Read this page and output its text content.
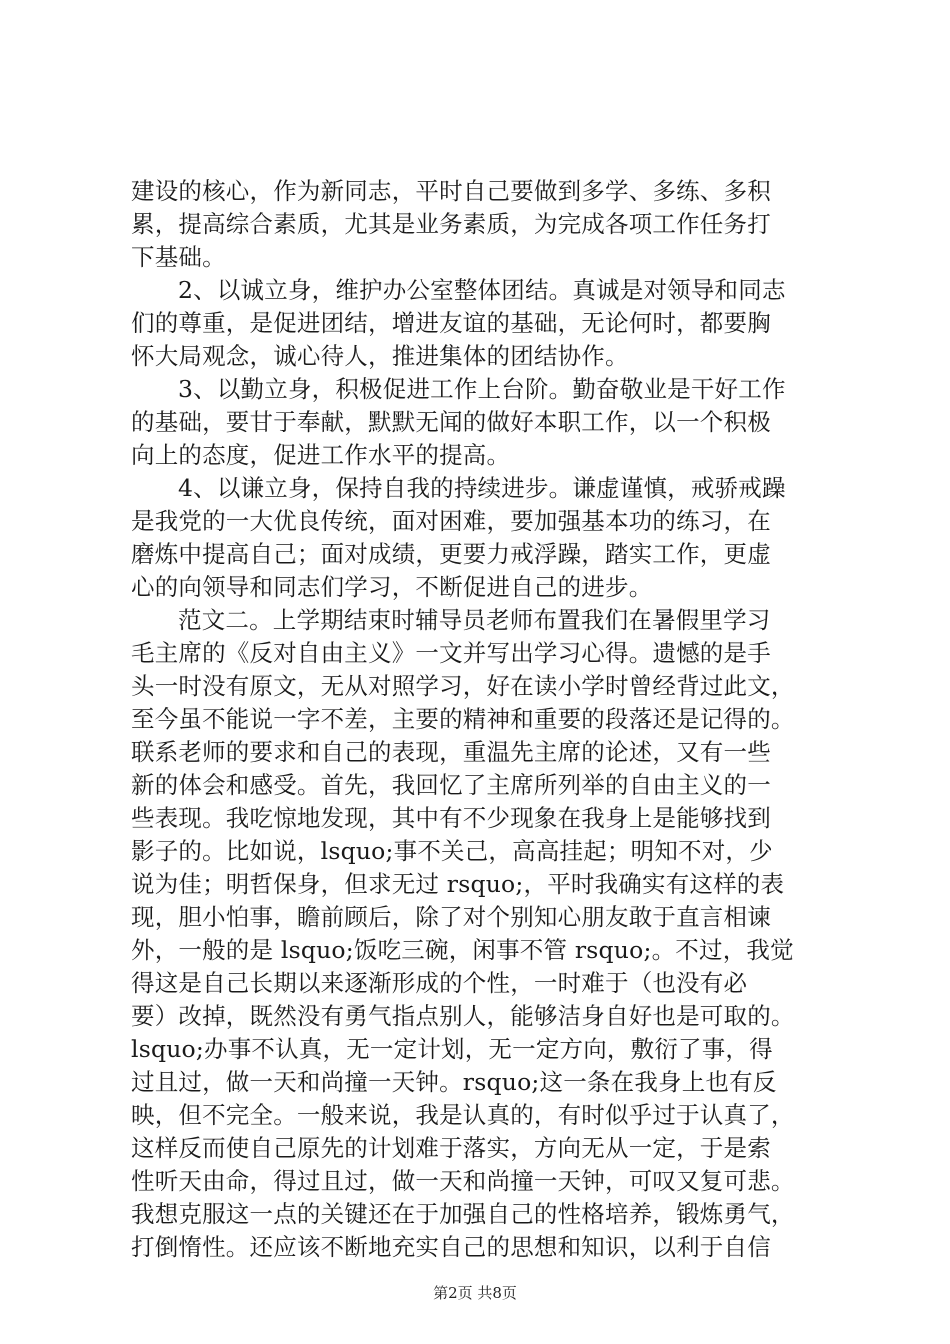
建设的核心，作为新同志，平时自己要做到多学、多练、多积
累，提高综合素质，尤其是业务素质，为完成各项工作任务打
下基础。
2、以诚立身，维护办公室整体团结。真诚是对领导和同志
们的尊重，是促进团结，增进友谊的基础，无论何时，都要胸
怀大局观念，诚心待人，推进集体的团结协作。
3、以勤立身，积极促进工作上台阶。勤奋敬业是干好工作
的基础，要甘于奉献，默默无闻的做好本职工作，以一个积极
向上的态度，促进工作水平的提高。
4、以谦立身，保持自我的持续进步。谦虚谨慎，戒骄戒躁
是我党的一大优良传统，面对困难，要加强基本功的练习，在
磨炼中提高自己；面对成绩，更要力戒浮躁，踏实工作，更虚
心的向领导和同志们学习，不断促进自己的进步。
范文二。上学期结束时辅导员老师布置我们在暑假里学习
毛主席的《反对自由主义》一文并写出学习心得。遗憾的是手
头一时没有原文，无从对照学习，好在读小学时曾经背过此文，
至今虽不能说一字不差，主要的精神和重要的段落还是记得的。
联系老师的要求和自己的表现，重温先主席的论述，又有一些
新的体会和感受。首先，我回忆了主席所列举的自由主义的一
些表现。我吃惊地发现，其中有不少现象在我身上是能够找到
影子的。比如说，lsquo;事不关己，高高挂起；明知不对，少
说为佳；明哲保身，但求无过 rsquo;，平时我确实有这样的表
现，胆小怕事，瞻前顾后，除了对个别知心朋友敢于直言相谏
外，一般的是 lsquo;饭吃三碗，闲事不管 rsquo;。不过，我觉
得这是自己长期以来逐渐形成的个性，一时难于（也没有必
要）改掉，既然没有勇气指点别人，能够洁身自好也是可取的。
lsquo;办事不认真，无一定计划，无一定方向，敷衍了事，得
过且过，做一天和尚撞一天钟。rsquo;这一条在我身上也有反
映，但不完全。一般来说，我是认真的，有时似乎过于认真了，
这样反而使自己原先的计划难于落实，方向无从一定，于是索
性听天由命，得过且过，做一天和尚撞一天钟，可叹又复可悲。
我想克服这一点的关键还在于加强自己的性格培养，锻炼勇气，
打倒惰性。还应该不断地充实自己的思想和知识，以利于自信
第2页 共8页
